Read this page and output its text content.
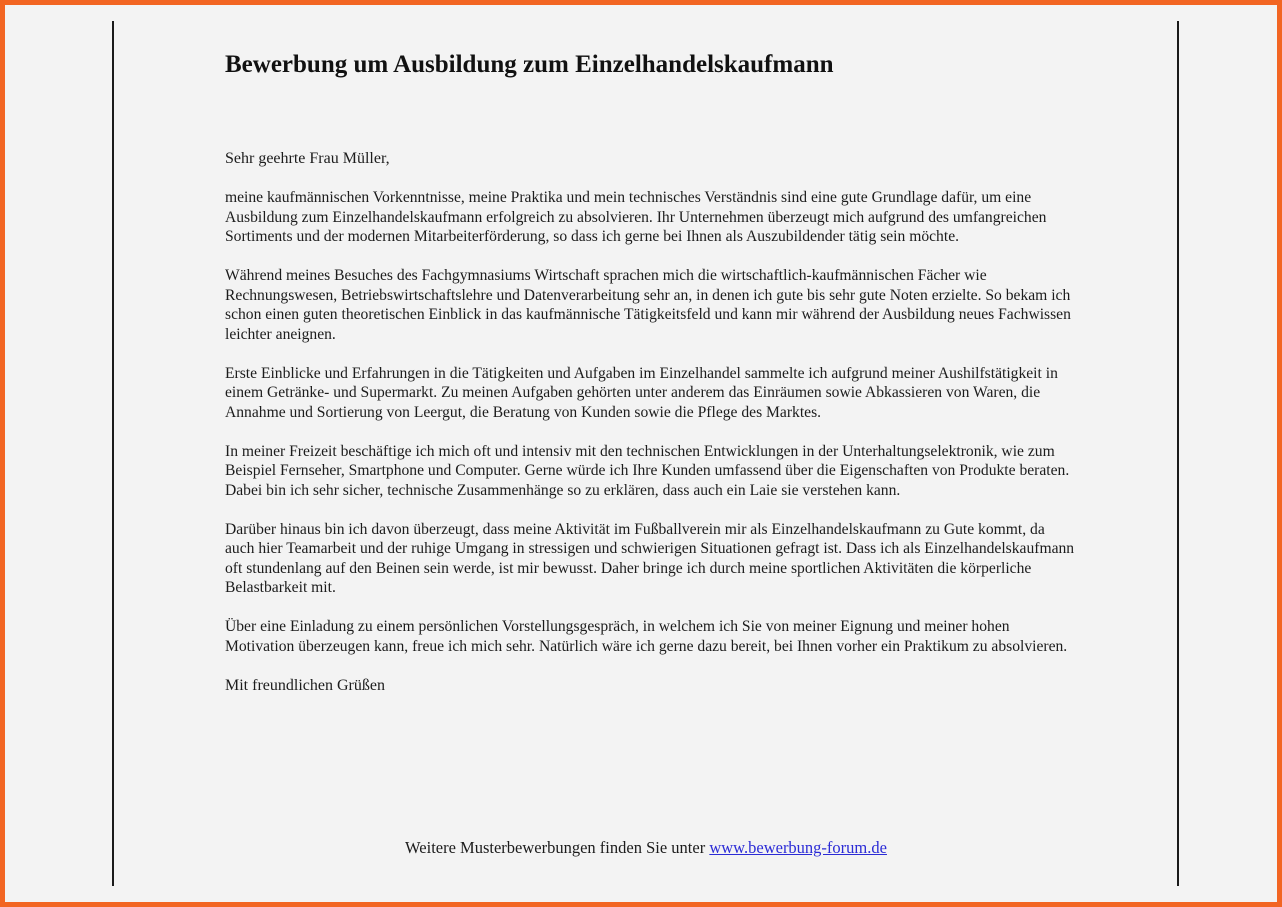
Bewerbung um Ausbildung zum Einzelhandelskaufmann

Sehr geehrte Frau Müller,

meine kaufmännischen Vorkenntnisse, meine Praktika und mein technisches Verständnis sind eine gute Grundlage dafür, um eine Ausbildung zum Einzelhandelskaufmann erfolgreich zu absolvieren. Ihr Unternehmen überzeugt mich aufgrund des umfangreichen Sortiments und der modernen Mitarbeiterförderung, so dass ich gerne bei Ihnen als Auszubildender tätig sein möchte.

Während meines Besuches des Fachgymnasiums Wirtschaft sprachen mich die wirtschaftlich-kaufmännischen Fächer wie Rechnungswesen, Betriebswirtschaftslehre und Datenverarbeitung sehr an, in denen ich gute bis sehr gute Noten erzielte. So bekam ich schon einen guten theoretischen Einblick in das kaufmännische Tätigkeitsfeld und kann mir während der Ausbildung neues Fachwissen leichter aneignen.

Erste Einblicke und Erfahrungen in die Tätigkeiten und Aufgaben im Einzelhandel sammelte ich aufgrund meiner Aushilfstätigkeit in einem Getränke- und Supermarkt. Zu meinen Aufgaben gehörten unter anderem das Einräumen sowie Abkassieren von Waren, die Annahme und Sortierung von Leergut, die Beratung von Kunden sowie die Pflege des Marktes.

In meiner Freizeit beschäftige ich mich oft und intensiv mit den technischen Entwicklungen in der Unterhaltungselektronik, wie zum Beispiel Fernseher, Smartphone und Computer. Gerne würde ich Ihre Kunden umfassend über die Eigenschaften von Produkte beraten. Dabei bin ich sehr sicher, technische Zusammenhänge so zu erklären, dass auch ein Laie sie verstehen kann.

Darüber hinaus bin ich davon überzeugt, dass meine Aktivität im Fußballverein mir als Einzelhandelskaufmann zu Gute kommt, da auch hier Teamarbeit und der ruhige Umgang in stressigen und schwierigen Situationen gefragt ist. Dass ich als Einzelhandelskaufmann oft stundenlang auf den Beinen sein werde, ist mir bewusst. Daher bringe ich durch meine sportlichen Aktivitäten die körperliche Belastbarkeit mit.

Über eine Einladung zu einem persönlichen Vorstellungsgespräch, in welchem ich Sie von meiner Eignung und meiner hohen Motivation überzeugen kann, freue ich mich sehr. Natürlich wäre ich gerne dazu bereit, bei Ihnen vorher ein Praktikum zu absolvieren.

Mit freundlichen Grüßen

Weitere Musterbewerbungen finden Sie unter www.bewerbung-forum.de
